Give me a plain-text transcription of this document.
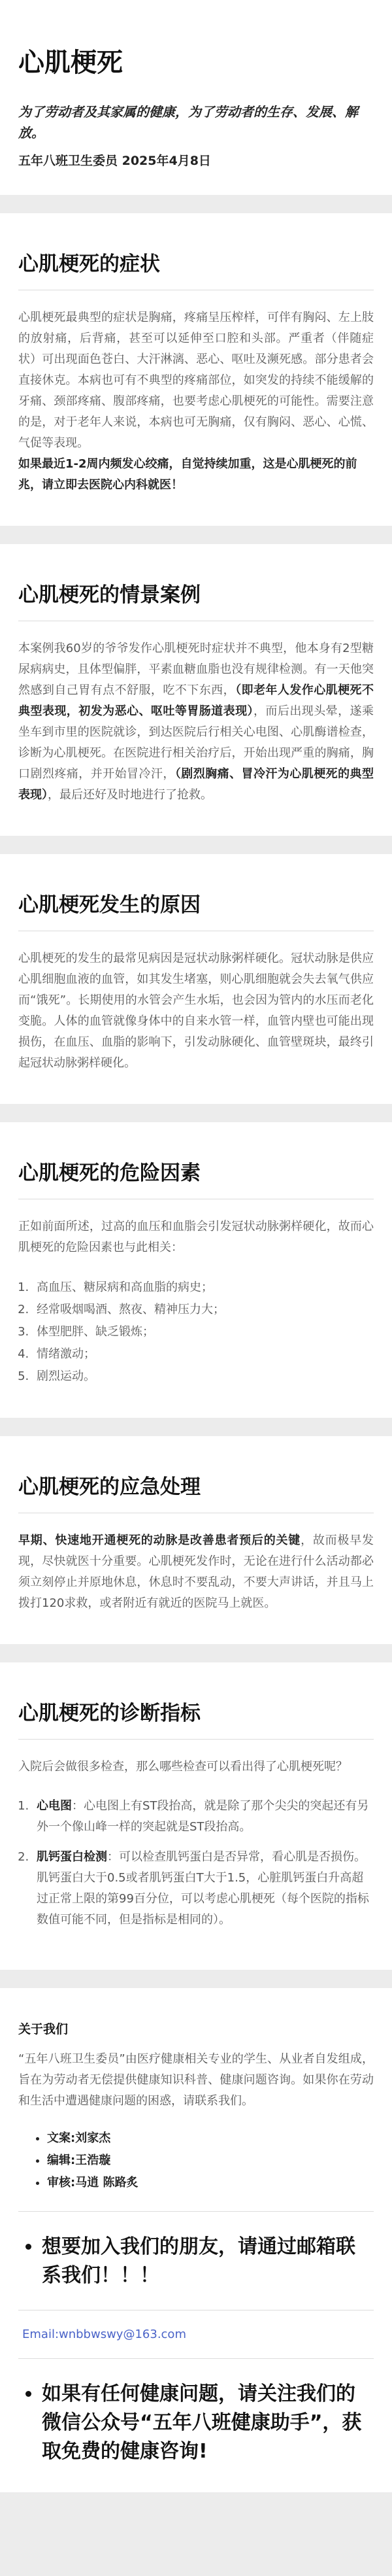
心肌梗死

为了劳动者及其家属的健康，为了劳动者的生存、发展、解放。

五年八班卫生委员 2025年4月8日

心肌梗死的症状

心肌梗死最典型的症状是胸痛，疼痛呈压榨样，可伴有胸闷、左上肢的放射痛，后背痛，甚至可以延伸至口腔和头部。严重者（伴随症状）可出现面色苍白、大汗淋漓、恶心、呕吐及濒死感。部分患者会直接休克。本病也可有不典型的疼痛部位，如突发的持续不能缓解的牙痛、颈部疼痛、腹部疼痛，也要考虑心肌梗死的可能性。需要注意的是，对于老年人来说，本病也可无胸痛，仅有胸闷、恶心、心慌、气促等表现。

如果最近1-2周内频发心绞痛，自觉持续加重，这是心肌梗死的前兆，请立即去医院心内科就医！

心肌梗死的情景案例

本案例我60岁的爷爷发作心肌梗死时症状并不典型，他本身有2型糖尿病病史，且体型偏胖，平素血糖血脂也没有规律检测。有一天他突然感到自己胃有点不舒服，吃不下东西，（即老年人发作心肌梗死不典型表现，初发为恶心、呕吐等胃肠道表现），而后出现头晕，遂乘坐车到市里的医院就诊，到达医院后行相关心电图、心肌酶谱检查，诊断为心肌梗死。在医院进行相关治疗后，开始出现严重的胸痛，胸口剧烈疼痛，并开始冒冷汗，（剧烈胸痛、冒冷汗为心肌梗死的典型表现），最后还好及时地进行了抢救。

心肌梗死发生的原因

心肌梗死的发生的最常见病因是冠状动脉粥样硬化。冠状动脉是供应心肌细胞血液的血管，如其发生堵塞，则心肌细胞就会失去氧气供应而“饿死”。长期使用的水管会产生水垢，也会因为管内的水压而老化变脆。人体的血管就像身体中的自来水管一样，血管内壁也可能出现损伤，在血压、血脂的影响下，引发动脉硬化、血管壁斑块，最终引起冠状动脉粥样硬化。

心肌梗死的危险因素

正如前面所述，过高的血压和血脂会引发冠状动脉粥样硬化，故而心肌梗死的危险因素也与此相关：

1. 高血压、糖尿病和高血脂的病史；
2. 经常吸烟喝酒、熬夜、精神压力大；
3. 体型肥胖、缺乏锻炼；
4. 情绪激动；
5. 剧烈运动。
心肌梗死的应急处理

早期、快速地开通梗死的动脉是改善患者预后的关键，故而极早发现，尽快就医十分重要。心肌梗死发作时，无论在进行什么活动都必须立刻停止并原地休息，休息时不要乱动，不要大声讲话，并且马上拨打120求救，或者附近有就近的医院马上就医。

心肌梗死的诊断指标

入院后会做很多检查，那么哪些检查可以看出得了心肌梗死呢？

1. 心电图：心电图上有ST段抬高，就是除了那个尖尖的突起还有另外一个像山峰一样的突起就是ST段抬高。
2. 肌钙蛋白检测：可以检查肌钙蛋白是否异常，看心肌是否损伤。肌钙蛋白大于0.5或者肌钙蛋白T大于1.5，心脏肌钙蛋白升高超过正常上限的第99百分位，可以考虑心肌梗死（每个医院的指标数值可能不同，但是指标是相同的）。
关于我们

“五年八班卫生委员”由医疗健康相关专业的学生、从业者自发组成，旨在为劳动者无偿提供健康知识科普、健康问题咨询。如果你在劳动和生活中遭遇健康问题的困惑，请联系我们。

• 文案:刘家杰
• 编辑:王浩璇
• 审核:马逍 陈路炙
• 想要加入我们的朋友，请通过邮箱联系我们！！！
Email:wnbbwswy@163.com
• 如果有任何健康问题，请关注我们的微信公众号“五年八班健康助手”，获取免费的健康咨询!
